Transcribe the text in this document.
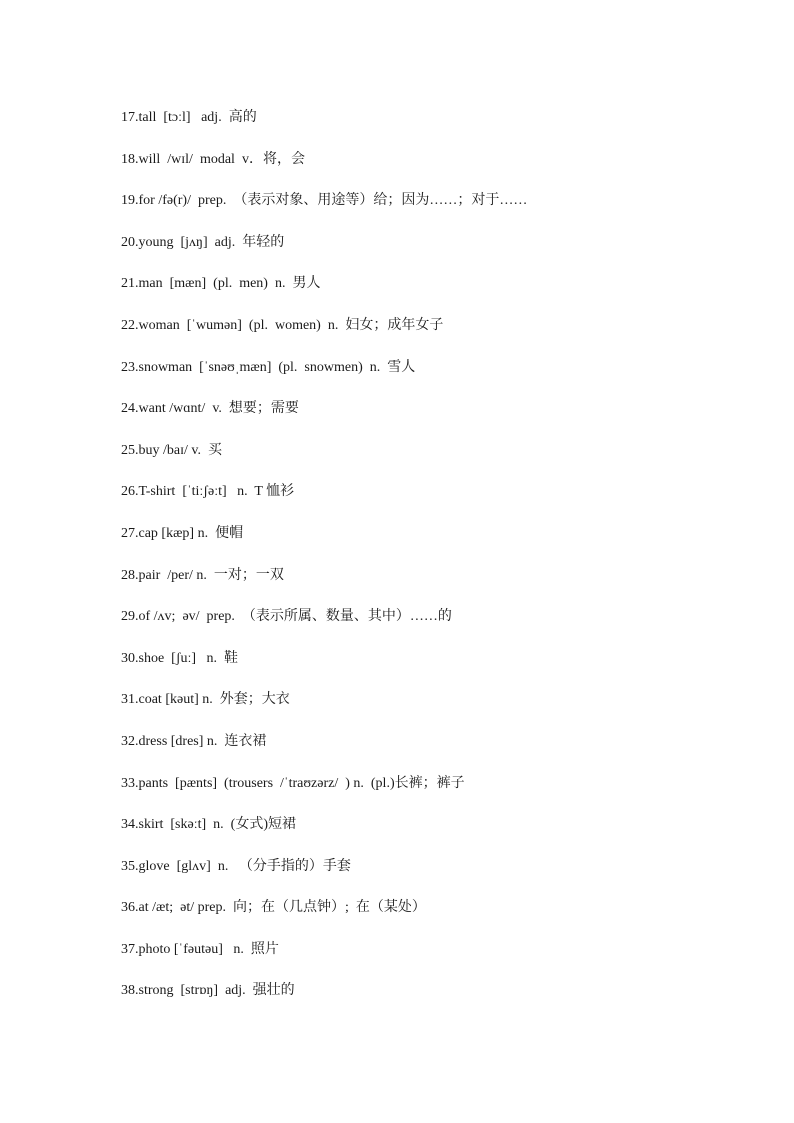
17.tall  [tɔːl]   adj.  高的
18.will  /wɪl/  modal  v．将，会
19.for /fə(r)/  prep.  （表示对象、用途等）给；因为……；对于……
20.young  [jʌŋ]  adj.  年轻的
21.man  [mæn]  (pl.  men)  n.  男人
22.woman  [ˈwumən]  (pl.  women)  n.  妇女；成年女子
23.snowman  [ˈsnəʊˌmæn]  (pl.  snowmen)  n.  雪人
24.want /wɑnt/  v.  想要；需要
25.buy /baɪ/ v.  买
26.T-shirt  [ˈtiːʃəːt]   n.  T 恤衫
27.cap [kæp] n.  便帽
28.pair  /per/ n.  一对；一双
29.of /ʌv;  əv/  prep.  （表示所属、数量、其中）……的
30.shoe  [ʃuː]   n.  鞋
31.coat [kəut] n.  外套；大衣
32.dress [dres] n.  连衣裙
33.pants  [pænts]  (trousers  /ˈtraʊzərz/  ) n.  (pl.)长裤；裤子
34.skirt  [skəːt]  n.  (女式)短裙
35.glove  [glʌv]  n.   （分手指的）手套
36.at /æt;  ət/ prep.  向；在（几点钟）;  在（某处）
37.photo [ˈfəutəu]   n.  照片
38.strong  [strɒŋ]  adj.  强壮的
